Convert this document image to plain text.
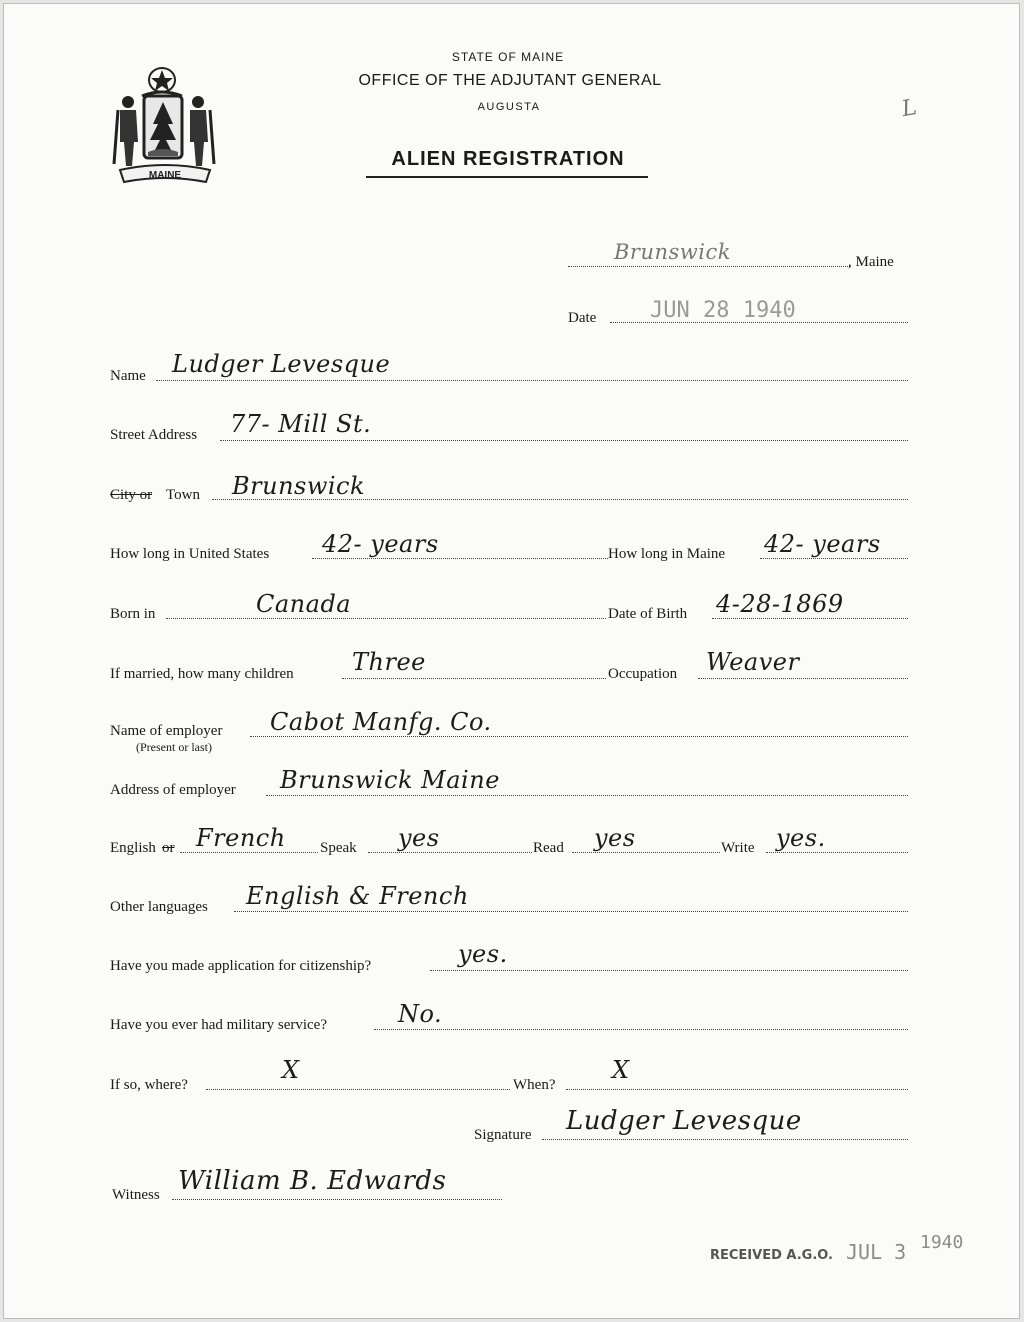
MAINE
STATE OF MAINE
OFFICE OF THE ADJUTANT GENERAL
AUGUSTA
ALIEN REGISTRATION
L
Brunswick	, Maine
Date JUN 28 1940
Name Ludger Levesque
Street Address 77- Mill St.
City or Town Brunswick
How long in United States 42- years	How long in Maine 42- years
Born in	Canada	Date of Birth 4-28-1869
If married, how many children Three	Occupation Weaver
Name of employer
(Present or last)
Cabot Manfg. Co.
Address of employer Brunswick Maine
English or French Speak yes	Read yes	Write yes.
Other languages English & French
Have you made application for citizenship?	yes.
Have you ever had military service?	No.
If so, where?
X
When?
X
Signature Ludger Levesque
Witness William B. Edwards
RECEIVED A.G.O. JUL 3 1940
